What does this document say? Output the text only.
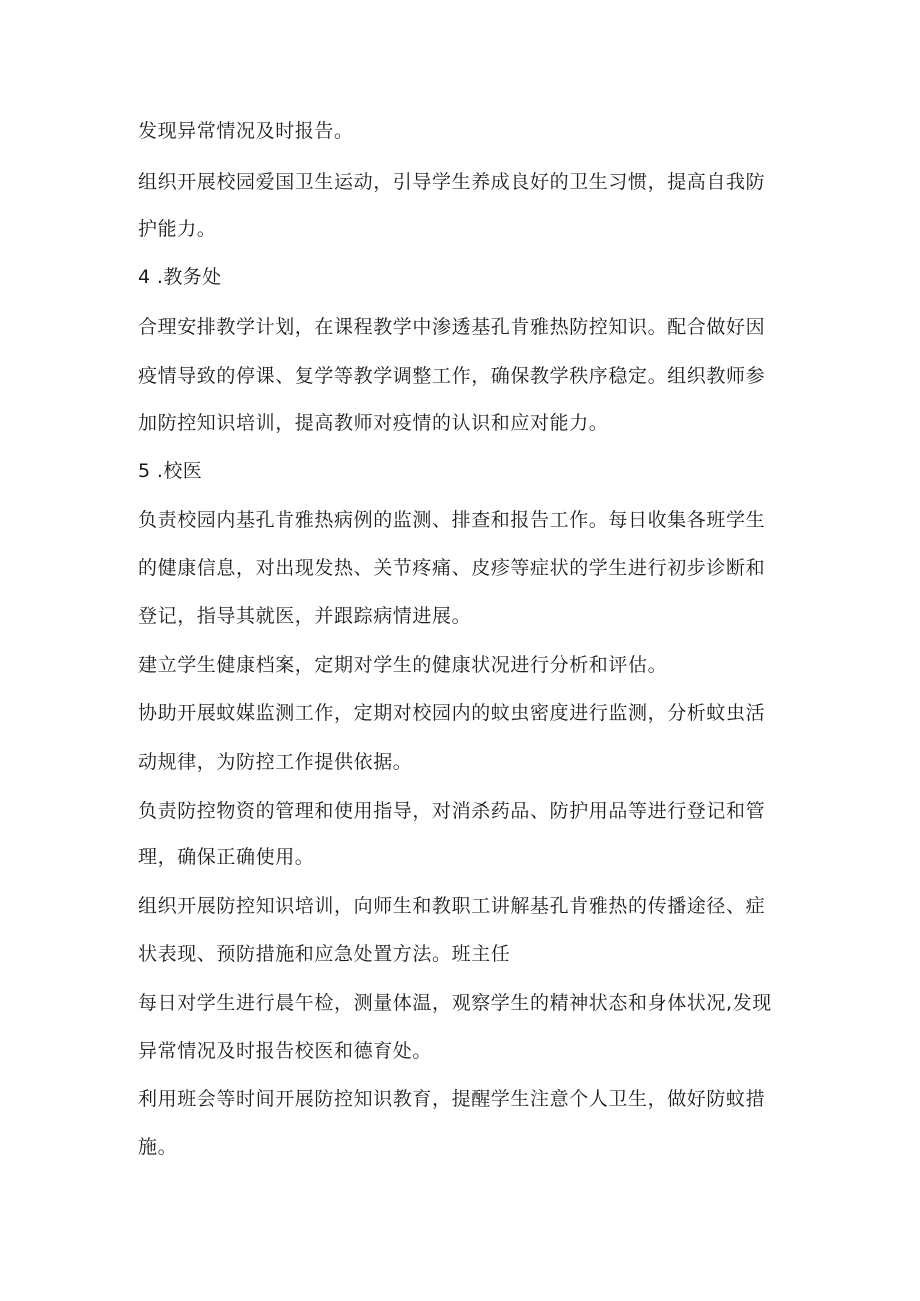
发现异常情况及时报告。

组织开展校园爱国卫生运动，引导学生养成良好的卫生习惯，提高自我防

护能力。

4 .教务处

合理安排教学计划，在课程教学中渗透基孔肯雅热防控知识。配合做好因

疫情导致的停课、复学等教学调整工作，确保教学秩序稳定。组织教师参

加防控知识培训，提高教师对疫情的认识和应对能力。

5 .校医

负责校园内基孔肯雅热病例的监测、排查和报告工作。每日收集各班学生

的健康信息，对出现发热、关节疼痛、皮疹等症状的学生进行初步诊断和

登记，指导其就医，并跟踪病情进展。

建立学生健康档案，定期对学生的健康状况进行分析和评估。

协助开展蚊媒监测工作，定期对校园内的蚊虫密度进行监测，分析蚊虫活

动规律，为防控工作提供依据。

负责防控物资的管理和使用指导，对消杀药品、防护用品等进行登记和管

理，确保正确使用。

组织开展防控知识培训，向师生和教职工讲解基孔肯雅热的传播途径、症

状表现、预防措施和应急处置方法。班主任

每日对学生进行晨午检，测量体温，观察学生的精神状态和身体状况,发现

异常情况及时报告校医和德育处。

利用班会等时间开展防控知识教育，提醒学生注意个人卫生，做好防蚊措

施。
